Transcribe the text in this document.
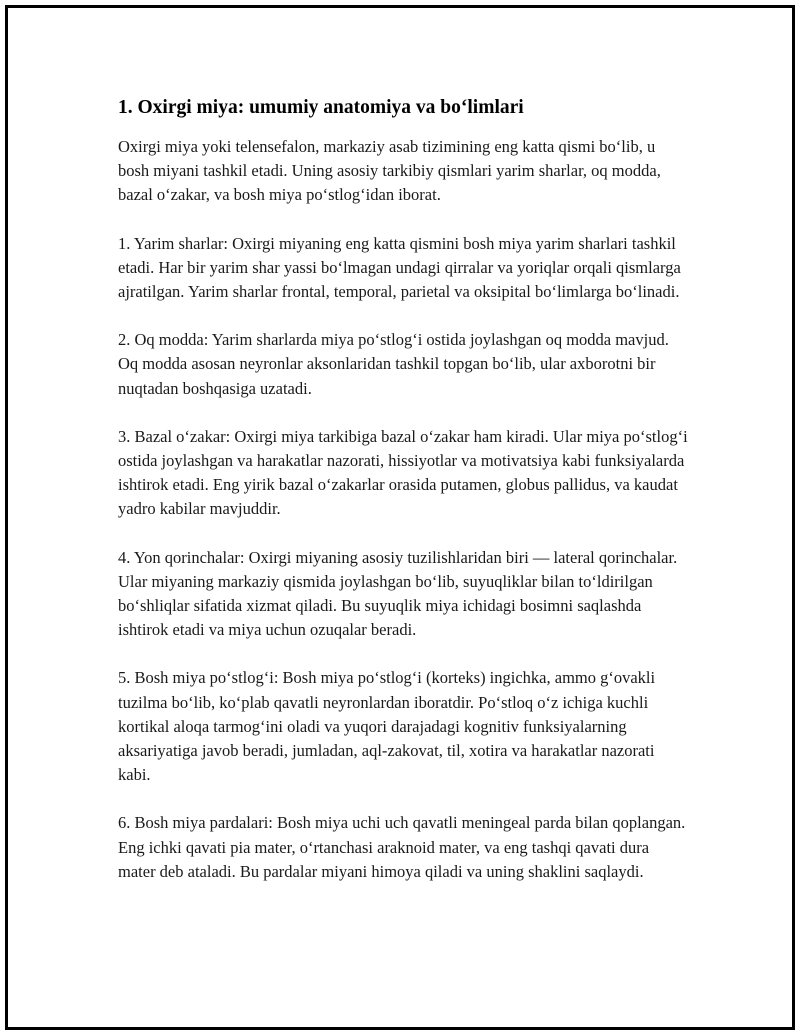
1. Oxirgi miya: umumiy anatomiya va bo‘limlari

Oxirgi miya yoki telensefalon, markaziy asab tizimining eng katta qismi bo‘lib, u bosh miyani tashkil etadi. Uning asosiy tarkibiy qismlari yarim sharlar, oq modda, bazal o‘zakar, va bosh miya po‘stlog‘idan iborat.

1. Yarim sharlar: Oxirgi miyaning eng katta qismini bosh miya yarim sharlari tashkil etadi. Har bir yarim shar yassi bo‘lmagan undagi qirralar va yoriqlar orqali qismlarga ajratilgan. Yarim sharlar frontal, temporal, parietal va oksipital bo‘limlarga bo‘linadi.

2. Oq modda: Yarim sharlarda miya po‘stlog‘i ostida joylashgan oq modda mavjud. Oq modda asosan neyronlar aksonlaridan tashkil topgan bo‘lib, ular axborotni bir nuqtadan boshqasiga uzatadi.

3. Bazal o‘zakar: Oxirgi miya tarkibiga bazal o‘zakar ham kiradi. Ular miya po‘stlog‘i ostida joylashgan va harakatlar nazorati, hissiyotlar va motivatsiya kabi funksiyalarda ishtirok etadi. Eng yirik bazal o‘zakarlar orasida putamen, globus pallidus, va kaudat yadro kabilar mavjuddir.

4. Yon qorinchalar: Oxirgi miyaning asosiy tuzilishlaridan biri — lateral qorinchalar. Ular miyaning markaziy qismida joylashgan bo‘lib, suyuqliklar bilan to‘ldirilgan bo‘shliqlar sifatida xizmat qiladi. Bu suyuqlik miya ichidagi bosimni saqlashda ishtirok etadi va miya uchun ozuqalar beradi.

5. Bosh miya po‘stlog‘i: Bosh miya po‘stlog‘i (korteks) ingichka, ammo g‘ovakli tuzilma bo‘lib, ko‘plab qavatli neyronlardan iboratdir. Po‘stloq o‘z ichiga kuchli kortikal aloqa tarmog‘ini oladi va yuqori darajadagi kognitiv funksiyalarning aksariyatiga javob beradi, jumladan, aql-zakovat, til, xotira va harakatlar nazorati kabi.

6. Bosh miya pardalari: Bosh miya uchi uch qavatli meningeal parda bilan qoplangan. Eng ichki qavati pia mater, o‘rtanchasi araknoid mater, va eng tashqi qavati dura mater deb ataladi. Bu pardalar miyani himoya qiladi va uning shaklini saqlaydi.
